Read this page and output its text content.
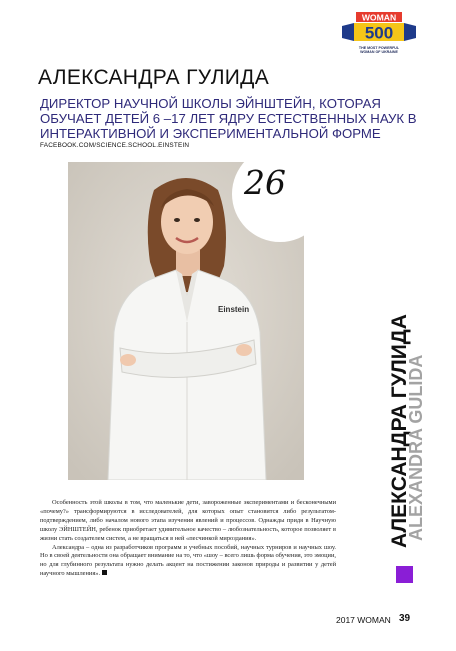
WOMAN
500
THE MOST POWERFUL
WOMAN OF UKRAINE
АЛЕКСАНДРА ГУЛИДА
ДИРЕКТОР НАУЧНОЙ ШКОЛЫ ЭЙНШТЕЙН, КОТОРАЯ ОБУЧАЕТ ДЕТЕЙ 6 –17 ЛЕТ ЯДРУ ЕСТЕСТВЕННЫХ НАУК В ИНТЕРАКТИВНОЙ И ЭКСПЕРИМЕНТАЛЬНОЙ ФОРМЕ
FACEBOOK.COM/SCIENCE.SCHOOL.EINSTEIN
Einstein
26
АЛЕКСАНДРА ГУЛИДА
ALEXANDRA GULIDA

Особенность этой школы в том, что маленькие дети, завороженные экспериментами и бесконечными «почему?» трансформируются в исследователей, для которых опыт становится либо результатом-подтверждением, либо началом нового этапа изучения явлений и процессов. Однажды придя в Научную школу ЭЙНШТЕЙН, ребенок приобретает удивительное качество – любознательность, которое позволяет в жизни стать создателем систем, а не вращаться в ней «песчинкой мироздания».

Александра – одна из разработчиков программ и учебных пособий, научных турниров и научных шоу. Но в своей деятельности она обращает внимание на то, что «шоу – всего лишь форма обучения, это эмоции, но для глубинного результата нужно делать акцент на постижении законов природы и развитии у детей научного мышления».

2017 WOMAN 39
